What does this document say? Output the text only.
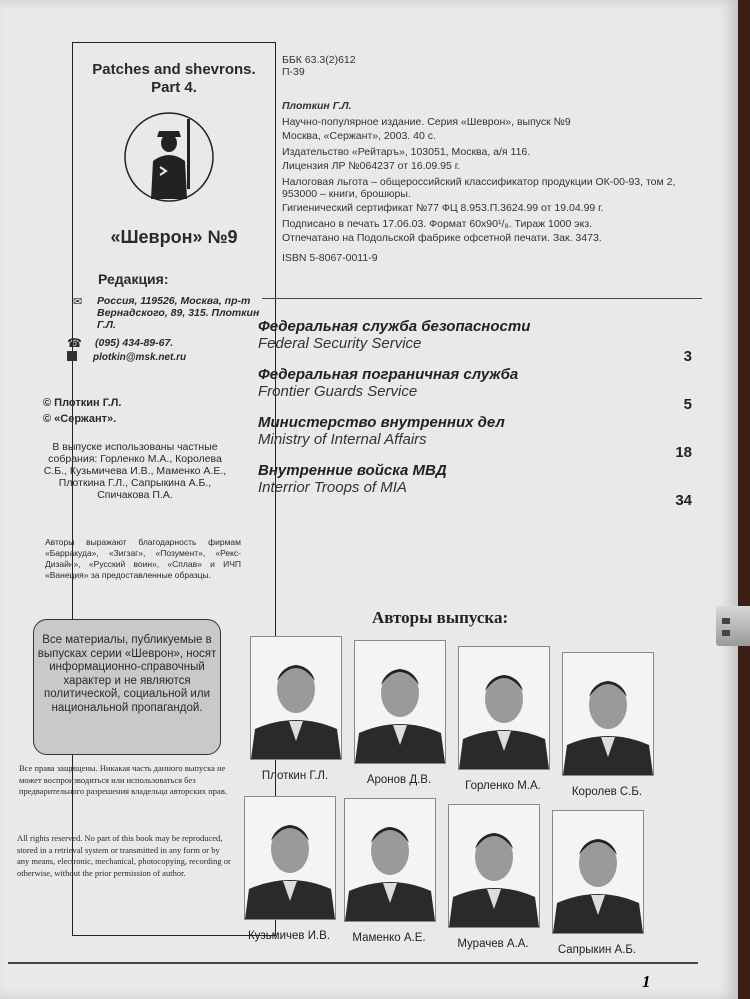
Patches and shevrons.
Part 4.
«Шеврон» №9
Редакция:
✉	Россия, 119526, Москва, пр-т Вернадского, 89, 315. Плоткин Г.Л.
☎ (095) 434-89-67.
plotkin@msk.net.ru
© Плоткин Г.Л.
© «Сержант».
В выпуске использованы частные собрания: Горленко М.А., Королева С.Б., Кузьмичева И.В., Маменко А.Е., Плоткина Г.Л., Сапрыкина А.Б., Спичакова П.А.
Авторы выражают благодарность фирмам «Барракуда», «Зигзаг», «Позумент», «Рекс-Дизайн», «Русский воин», «Сплав» и ИЧП «Ванеция» за предоставленные образцы.
Все материалы, публикуемые в выпусках серии «Шеврон», носят информационно-справочный характер и не являются политической, социальной или национальной пропагандой.
Все права защищены. Никакая часть данного выпуска не может воспроизводиться или использоваться без предварительного разрешения владельца авторских прав.
All rights reserved. No part of this book may be reproduced, stored in a retrieval system or transmitted in any form or by any means, electronic, mechanical, photocopying, recording or otherwise, without the prior permission of author.
ББК 63.3(2)612
П-39
Плоткин Г.Л.

Научно-популярное издание. Серия «Шеврон», выпуск №9

Москва, «Сержант», 2003. 40 с.

Издательство «Рейтаръ», 103051, Москва, а/я 116.

Лицензия ЛР №064237 от 16.09.95 г.

Налоговая льгота – общероссийский классификатор продукции ОК-00-93, том 2, 953000 – книги, брошюры.

Гигиенический сертификат №77 ФЦ 8.953.П.3624.99 от 19.04.99 г.

Подписано в печать 17.06.03. Формат 60х90¹/₈. Тираж 1000 экз.

Отпечатано на Подольской фабрике офсетной печати. Зак. 3473.

ISBN 5-8067-0011-9
Федеральная служба безопасности
Federal Security Service
3
Федеральная пограничная служба
Frontier Guards Service
5
Министерство внутренних дел
Ministry of Internal Affairs
18
Внутренние войска МВД
Interrior Troops of MIA
34
Авторы выпуска:
Плоткин Г.Л.	Аронов Д.В.	Горленко М.А.	Королев С.Б.
Кузьмичев И.В.	Маменко А.Е.	Мурачев А.А.	Сапрыкин А.Б.
1
